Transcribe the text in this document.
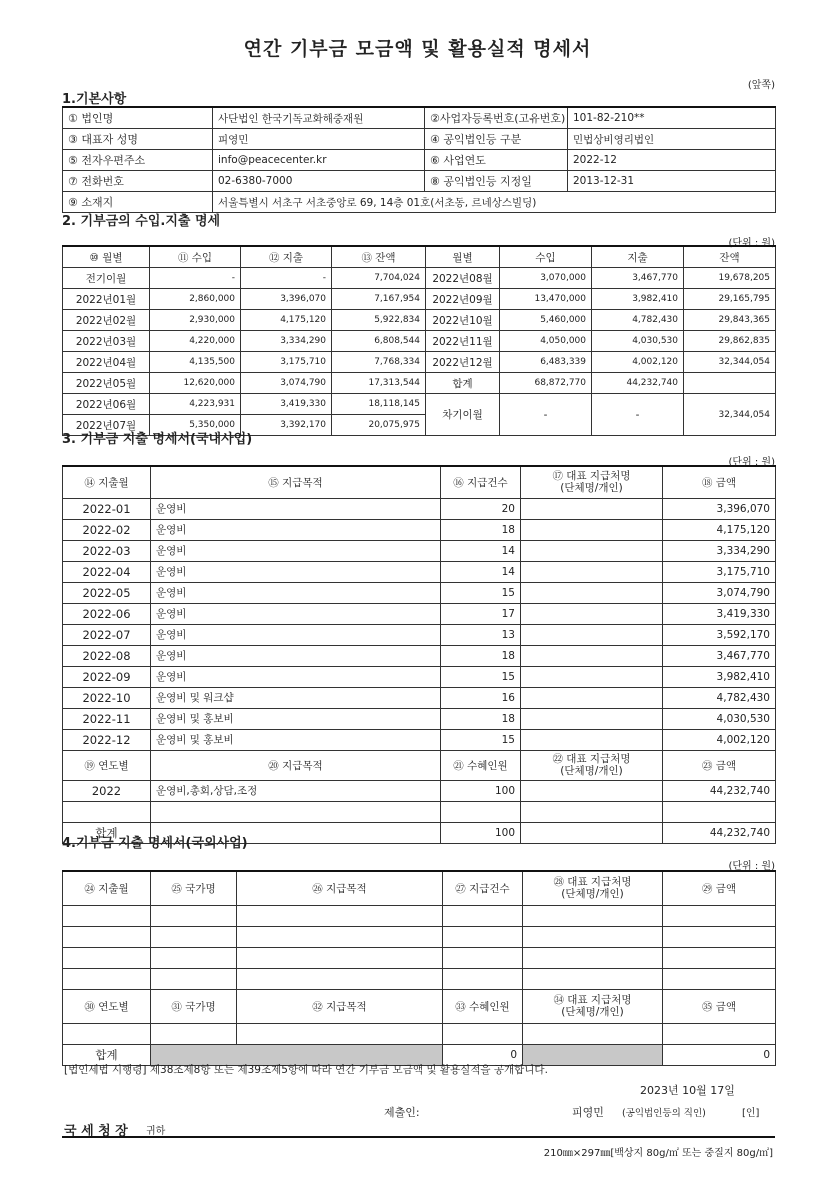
연간 기부금 모금액 및 활용실적 명세서
(앞쪽)
1.기본사항
① 법인명	사단법인 한국기독교화해중재원	②사업자등록번호(고유번호)	101-82-210**
③ 대표자 성명	피영민	④ 공익법인등 구분	민법상비영리법인
⑤ 전자우편주소	info@peacecenter.kr	⑥ 사업연도	2022-12
⑦ 전화번호	02-6380-7000	⑧ 공익법인등 지정일	2013-12-31
⑨ 소재지	서울특별시 서초구 서초중앙로 69, 14층 01호(서초동, 르네상스빌딩)		
2. 기부금의 수입.지출 명세
(단위 : 원)
⑩ 월별	⑪ 수입	⑫ 지출	⑬ 잔액	월별	수입	지출	잔액
전기이월	-	-	7,704,024	2022년08월	3,070,000	3,467,770	19,678,205
2022년01월	2,860,000	3,396,070	7,167,954	2022년09월	13,470,000	3,982,410	29,165,795
2022년02월	2,930,000	4,175,120	5,922,834	2022년10월	5,460,000	4,782,430	29,843,365
2022년03월	4,220,000	3,334,290	6,808,544	2022년11월	4,050,000	4,030,530	29,862,835
2022년04월	4,135,500	3,175,710	7,768,334	2022년12월	6,483,339	4,002,120	32,344,054
2022년05월	12,620,000	3,074,790	17,313,544	합계	68,872,770	44,232,740	
2022년06월	4,223,931	3,419,330	18,118,145	차기이월	-	-	32,344,054
2022년07월	5,350,000	3,392,170	20,075,975				
3. 기부금 지출 명세서(국내사업)
(단위 : 원)
⑭ 지출월	⑮ 지급목적	⑯ 지급건수	⑰ 대표 지급처명
(단체명/개인)	⑱ 금액
2022-01	운영비	20		3,396,070
2022-02	운영비	18		4,175,120
2022-03	운영비	14		3,334,290
2022-04	운영비	14		3,175,710
2022-05	운영비	15		3,074,790
2022-06	운영비	17		3,419,330
2022-07	운영비	13		3,592,170
2022-08	운영비	18		3,467,770
2022-09	운영비	15		3,982,410
2022-10	운영비 및 워크샵	16		4,782,430
2022-11	운영비 및 홍보비	18		4,030,530
2022-12	운영비 및 홍보비	15		4,002,120
⑲ 연도별	⑳ 지급목적	㉑ 수혜인원	㉒ 대표 지급처명
(단체명/개인)	㉓ 금액
2022	운영비,총회,상담,조정	100		44,232,740

합계		100		44,232,740
4.기부금 지출 명세서(국외사업)
(단위 : 원)
㉔ 지출월	㉕ 국가명	㉖ 지급목적	㉗ 지급건수	㉘ 대표 지급처명
(단체명/개인)	㉙ 금액

㉚ 연도별	㉛ 국가명	㉜ 지급목적	㉝ 수혜인원	㉞ 대표 지급처명
(단체명/개인)	㉟ 금액

합계			0		0
[법인세법 시행령] 제38조제8항 또는 제39조제5항에 따라 연간 기부금 모금액 및 활용실적을 공개합니다.
2023년 10월 17일
제출인:	피영민 (공익법인등의 직인)	[인]
국 세 청 장 귀하
210㎜×297㎜[백상지 80g/㎡ 또는 중질지 80g/㎡]
